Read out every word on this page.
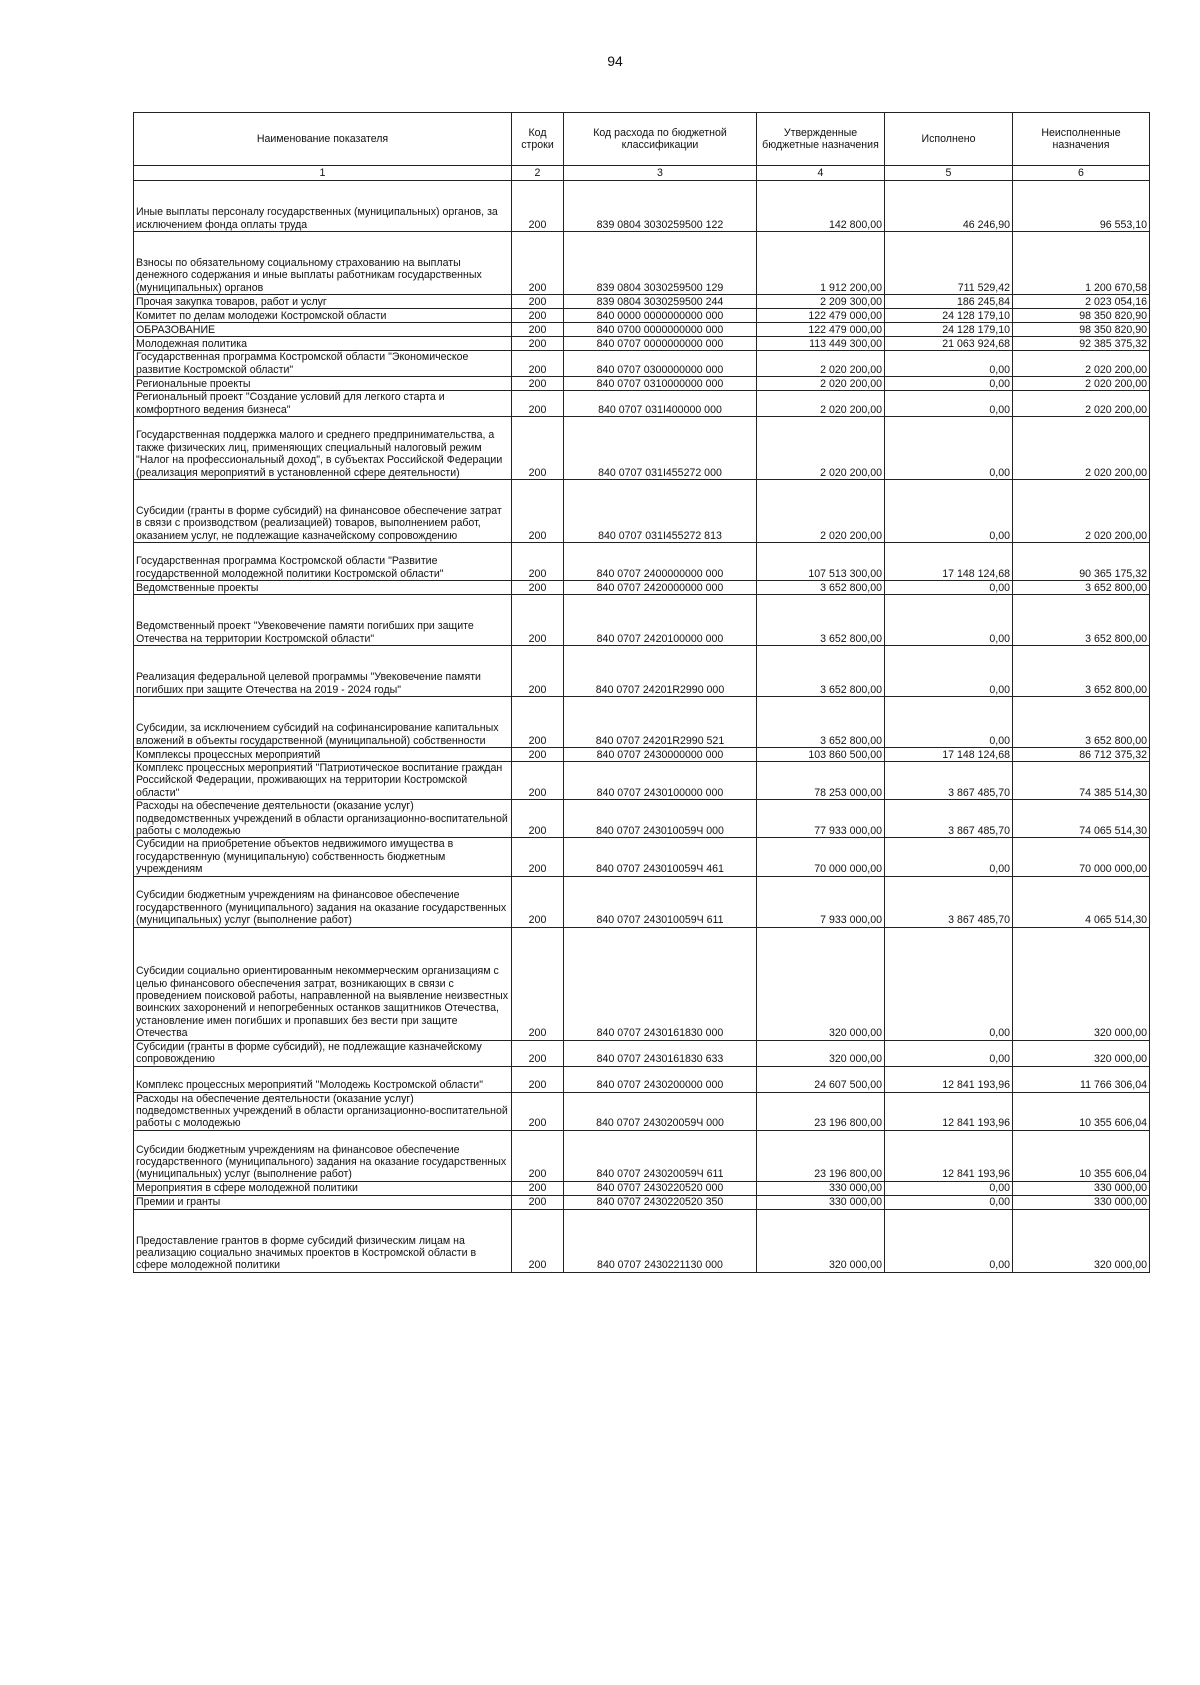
94
Наименование показателя	Код строки	Код расхода по бюджетной классификации	Утвержденные бюджетные назначения	Исполнено	Неисполненные назначения
1	2	3	4	5	6
Иные выплаты персоналу государственных (муниципальных) органов, за исключением фонда оплаты труда	200	839 0804 3030259500 122	142 800,00	46 246,90	96 553,10
Взносы по обязательному социальному страхованию на выплаты денежного содержания и иные выплаты работникам государственных (муниципальных) органов	200	839 0804 3030259500 129	1 912 200,00	711 529,42	1 200 670,58
Прочая закупка товаров, работ и услуг	200	839 0804 3030259500 244	2 209 300,00	186 245,84	2 023 054,16
Комитет по делам молодежи Костромской области	200	840 0000 0000000000 000	122 479 000,00	24 128 179,10	98 350 820,90
ОБРАЗОВАНИЕ	200	840 0700 0000000000 000	122 479 000,00	24 128 179,10	98 350 820,90
Молодежная политика	200	840 0707 0000000000 000	113 449 300,00	21 063 924,68	92 385 375,32
Государственная программа Костромской области "Экономическое развитие Костромской области"	200	840 0707 0300000000 000	2 020 200,00	0,00	2 020 200,00
Региональные проекты	200	840 0707 0310000000 000	2 020 200,00	0,00	2 020 200,00
Региональный проект "Создание условий для легкого старта и комфортного ведения бизнеса"	200	840 0707 031I400000 000	2 020 200,00	0,00	2 020 200,00
Государственная поддержка малого и среднего предпринимательства, а также физических лиц, применяющих специальный налоговый режим "Налог на профессиональный доход", в субъектах Российской Федерации (реализация мероприятий в установленной сфере деятельности)	200	840 0707 031I455272 000	2 020 200,00	0,00	2 020 200,00
Субсидии (гранты в форме субсидий) на финансовое обеспечение затрат в связи с производством (реализацией) товаров, выполнением работ, оказанием услуг, не подлежащие казначейскому сопровождению	200	840 0707 031I455272 813	2 020 200,00	0,00	2 020 200,00
Государственная программа Костромской области "Развитие государственной молодежной политики Костромской области"	200	840 0707 2400000000 000	107 513 300,00	17 148 124,68	90 365 175,32
Ведомственные проекты	200	840 0707 2420000000 000	3 652 800,00	0,00	3 652 800,00
Ведомственный проект "Увековечение памяти погибших при защите Отечества на территории Костромской области"	200	840 0707 2420100000 000	3 652 800,00	0,00	3 652 800,00
Реализация федеральной целевой программы "Увековечение памяти погибших при защите Отечества на 2019 - 2024 годы"	200	840 0707 24201R2990 000	3 652 800,00	0,00	3 652 800,00
Субсидии, за исключением субсидий на софинансирование капитальных вложений в объекты государственной (муниципальной) собственности	200	840 0707 24201R2990 521	3 652 800,00	0,00	3 652 800,00
Комплексы процессных мероприятий	200	840 0707 2430000000 000	103 860 500,00	17 148 124,68	86 712 375,32
Комплекс процессных мероприятий "Патриотическое воспитание граждан Российской Федерации, проживающих на территории Костромской области"	200	840 0707 2430100000 000	78 253 000,00	3 867 485,70	74 385 514,30
Расходы на обеспечение деятельности (оказание услуг) подведомственных учреждений в области организационно-воспитательной работы с молодежью	200	840 0707 243010059Ч 000	77 933 000,00	3 867 485,70	74 065 514,30
Субсидии на приобретение объектов недвижимого имущества в государственную (муниципальную) собственность бюджетным учреждениям	200	840 0707 243010059Ч 461	70 000 000,00	0,00	70 000 000,00
Субсидии бюджетным учреждениям на финансовое обеспечение государственного (муниципального) задания на оказание государственных (муниципальных) услуг (выполнение работ)	200	840 0707 243010059Ч 611	7 933 000,00	3 867 485,70	4 065 514,30
Субсидии социально ориентированным некоммерческим организациям с целью финансового обеспечения затрат, возникающих в связи с проведением поисковой работы, направленной на выявление неизвестных воинских захоронений и непогребенных останков защитников Отечества, установление имен погибших и пропавших без вести при защите Отечества	200	840 0707 2430161830 000	320 000,00	0,00	320 000,00
Субсидии (гранты в форме субсидий), не подлежащие казначейскому сопровождению	200	840 0707 2430161830 633	320 000,00	0,00	320 000,00
Комплекс процессных мероприятий "Молодежь Костромской области"	200	840 0707 2430200000 000	24 607 500,00	12 841 193,96	11 766 306,04
Расходы на обеспечение деятельности (оказание услуг) подведомственных учреждений в области организационно-воспитательной работы с молодежью	200	840 0707 243020059Ч 000	23 196 800,00	12 841 193,96	10 355 606,04
Субсидии бюджетным учреждениям на финансовое обеспечение государственного (муниципального) задания на оказание государственных (муниципальных) услуг (выполнение работ)	200	840 0707 243020059Ч 611	23 196 800,00	12 841 193,96	10 355 606,04
Мероприятия в сфере молодежной политики	200	840 0707 2430220520 000	330 000,00	0,00	330 000,00
Премии и гранты	200	840 0707 2430220520 350	330 000,00	0,00	330 000,00
Предоставление грантов в форме субсидий физическим лицам на реализацию социально значимых проектов в Костромской области в сфере молодежной политики	200	840 0707 2430221130 000	320 000,00	0,00	320 000,00
